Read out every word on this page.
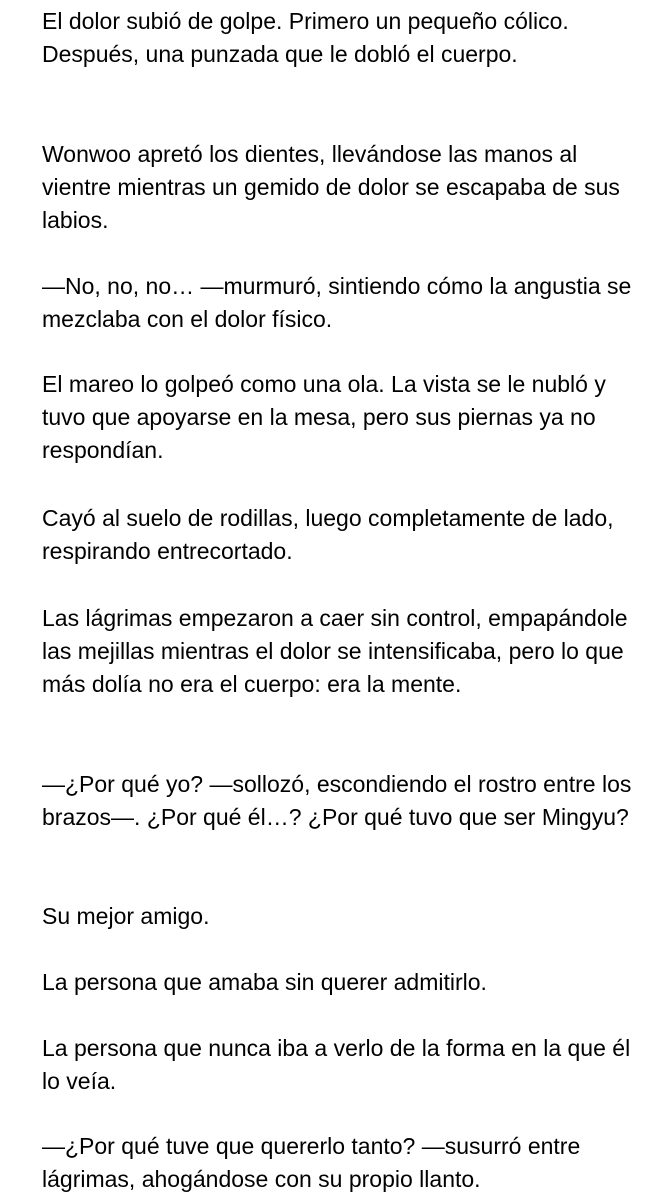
El dolor subió de golpe. Primero un pequeño cólico. Después, una punzada que le dobló el cuerpo.

Wonwoo apretó los dientes, llevándose las manos al vientre mientras un gemido de dolor se escapaba de sus labios.

—No, no, no… —murmuró, sintiendo cómo la angustia se mezclaba con el dolor físico.

El mareo lo golpeó como una ola. La vista se le nubló y tuvo que apoyarse en la mesa, pero sus piernas ya no respondían.

Cayó al suelo de rodillas, luego completamente de lado, respirando entrecortado.

Las lágrimas empezaron a caer sin control, empapándole las mejillas mientras el dolor se intensificaba, pero lo que más dolía no era el cuerpo: era la mente.

—¿Por qué yo? —sollozó, escondiendo el rostro entre los brazos—. ¿Por qué él…? ¿Por qué tuvo que ser Mingyu?

Su mejor amigo.

La persona que amaba sin querer admitirlo.

La persona que nunca iba a verlo de la forma en la que él lo veía.

—¿Por qué tuve que quererlo tanto? —susurró entre lágrimas, ahogándose con su propio llanto.
